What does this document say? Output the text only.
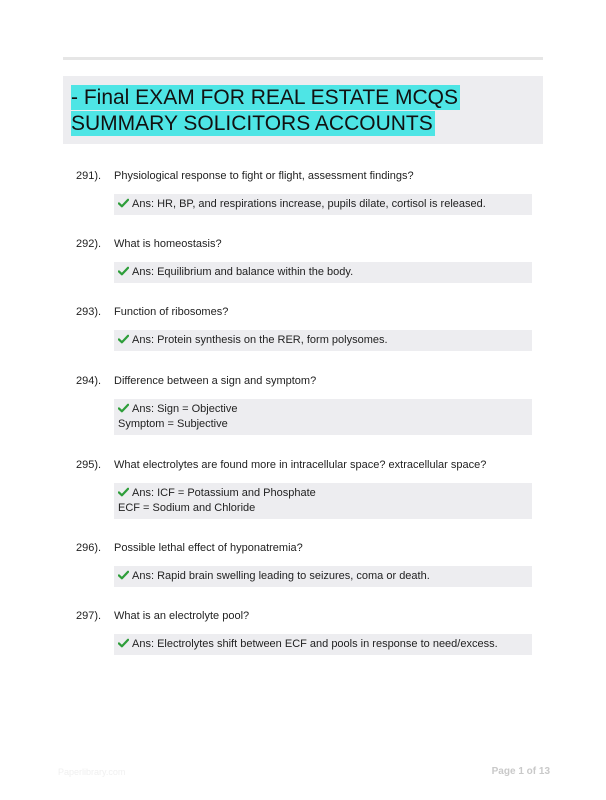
- Final EXAM FOR REAL ESTATE MCQS SUMMARY SOLICITORS ACCOUNTS
291). Physiological response to fight or flight, assessment findings?
Ans: HR, BP, and respirations increase, pupils dilate, cortisol is released.
292). What is homeostasis?
Ans: Equilibrium and balance within the body.
293). Function of ribosomes?
Ans: Protein synthesis on the RER, form polysomes.
294). Difference between a sign and symptom?
Ans: Sign = Objective
Symptom = Subjective
295). What electrolytes are found more in intracellular space? extracellular space?
Ans: ICF = Potassium and Phosphate
ECF = Sodium and Chloride
296). Possible lethal effect of hyponatremia?
Ans: Rapid brain swelling leading to seizures, coma or death.
297). What is an electrolyte pool?
Ans: Electrolytes shift between ECF and pools in response to need/excess.
Paperlibrary.com	Page 1 of 13
